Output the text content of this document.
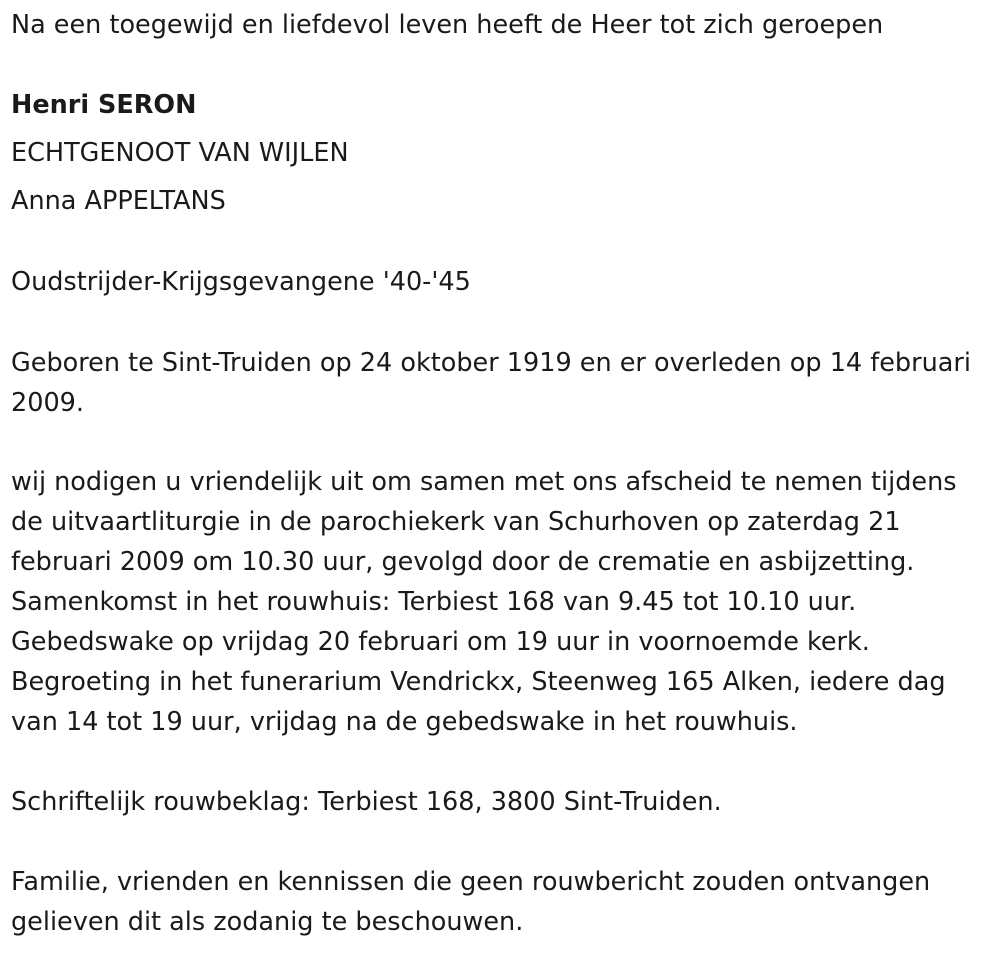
Na een toegewijd en liefdevol leven heeft de Heer tot zich geroepen

Henri SERON

ECHTGENOOT VAN WIJLEN

Anna APPELTANS

Oudstrijder-Krijgsgevangene '40-'45

Geboren te Sint-Truiden op 24 oktober 1919 en er overleden op 14 februari 2009.

wij nodigen u vriendelijk uit om samen met ons afscheid te nemen tijdens de uitvaartliturgie in de parochiekerk van Schurhoven op zaterdag 21 februari 2009 om 10.30 uur, gevolgd door de crematie en asbijzetting. Samenkomst in het rouwhuis: Terbiest 168 van 9.45 tot 10.10 uur. Gebedswake op vrijdag 20 februari om 19 uur in voornoemde kerk. Begroeting in het funerarium Vendrickx, Steenweg 165 Alken, iedere dag van 14 tot 19 uur, vrijdag na de gebedswake in het rouwhuis.

Schriftelijk rouwbeklag: Terbiest 168, 3800 Sint-Truiden.

Familie, vrienden en kennissen die geen rouwbericht zouden ontvangen gelieven dit als zodanig te beschouwen.
